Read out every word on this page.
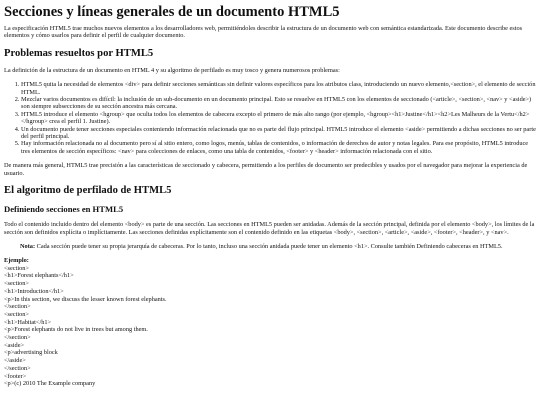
Secciones y líneas generales de un documento HTML5

La especificación HTML5 trae muchos nuevos elementos a los desarrolladores web, permitiéndoles describir la estructura de un documento web con semántica estandarizada. Este documento describe estos elementos y cómo usarlos para definir el perfil de cualquier documento.

Problemas resueltos por HTML5

La definición de la estructura de un documento en HTML 4 y su algoritmo de perfilado es muy tosco y genera numerosos problemas:

1. HTML5 quita la necesidad de elementos <div> para definir secciones semánticas sin definir valores específicos para los atributos class, introduciendo un nuevo elemento,<section>, el elemento de sección HTML.
2. Mezclar varios documentos es difícil: la inclusión de un sub-documento en un documento principal. Esto se resuelve en HTML5 con los elementos de seccionado (<article>, <section>, <nav> y <aside>) son siempre subsecciones de su sección ancestra más cercana.
3. HTML5 introduce el elemento <hgroup> que oculta todos los elementos de cabecera excepto el primero de más alto rango (por ejemplo, <hgroup><h1>Justine</h1><h2>Les Malheurs de la Vertu</h2></hgroup> crea el perfil 1. Justine).
4. Un documento puede tener secciones especiales conteniendo información relacionada que no es parte del flujo principal. HTML5 introduce el elemento <aside> permitiendo a dichas secciones no ser parte del perfil principal.
5. Hay información relacionada no al documento pero sí al sitio entero, como logos, menús, tablas de contenidos, o información de derechos de autor y notas legales. Para ese propósito, HTML5 introduce tres elementos de sección específicos: <nav> para colecciones de enlaces, como una tabla de contenidos, <footer> y <header> información relacionada con el sitio.

De manera más general, HTML5 trae precisión a las características de seccionado y cabecera, permitiendo a los perfiles de documento ser predecibles y usados por el navegador para mejorar la experiencia de usuario.

El algoritmo de perfilado de HTML5
Definiendo secciones en HTML5

Todo el contenido incluido dentro del elemento <body> es parte de una sección. Las secciones en HTML5 pueden ser anidadas. Además de la sección principal, definida por el elemento <body>, los límites de la sección son definidos explícita o implícitamente. Las secciones definidas explícitamente son el contenido definido en las etiquetas <body>, <section>, <article>, <aside>, <footer>, <header>, y <nav>.

Nota: Cada sección puede tener su propia jerarquía de cabeceras. Por lo tanto, incluso una sección anidada puede tener un elemento <h1>. Consulte también Definiendo cabeceras en HTML5.
Ejemplo:
<section>
<h1>Forest elephants</h1>
<section>
<h1>Introduction</h1>
<p>In this section, we discuss the lesser known forest elephants.
</section>
<section>
<h1>Habitat</h1>
<p>Forest elephants do not live in trees but among them.
</section>
<aside>
<p>advertising block
</aside>
</section>
<footer>
<p>(c) 2010 The Example company
